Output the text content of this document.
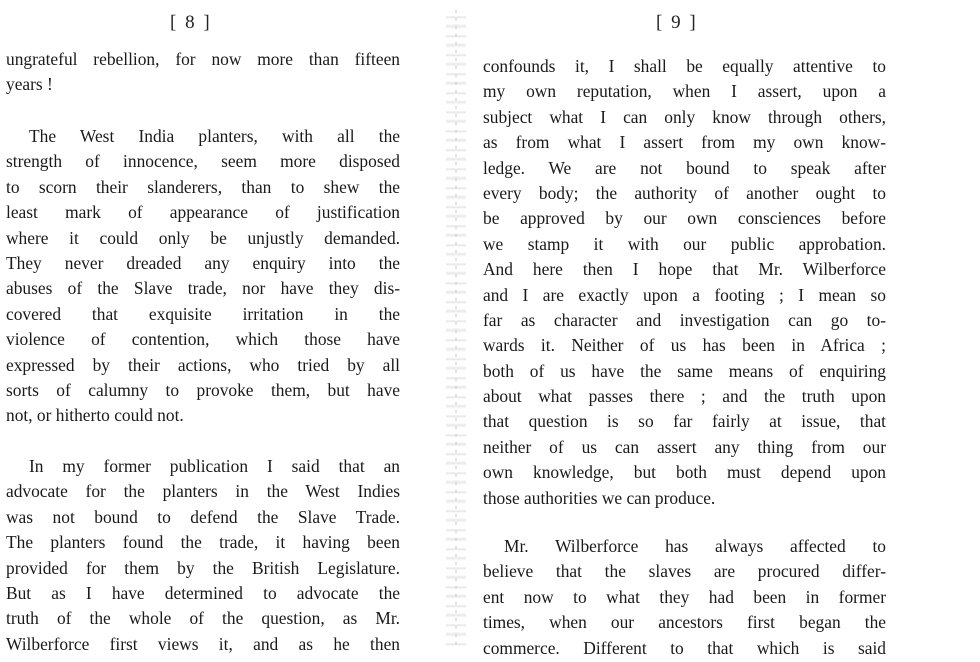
[ 8 ]
ungrateful rebellion, for now more than fifteen
years !
The West India planters, with all the
strength of innocence, seem more disposed
to scorn their slanderers, than to shew the
least mark of appearance of justification
where it could only be unjustly demanded.
They never dreaded any enquiry into the
abuses of the Slave trade, nor have they dis-
covered that exquisite irritation in the
violence of contention, which those have
expressed by their actions, who tried by all
sorts of calumny to provoke them, but have
not, or hitherto could not.
In my former publication I said that an
advocate for the planters in the West Indies
was not bound to defend the Slave Trade.
The planters found the trade, it having been
provided for them by the British Legislature.
But as I have determined to advocate the
truth of the whole of the question, as Mr.
Wilberforce first views it, and as he then
[ 9 ]
confounds it, I shall be equally attentive to
my own reputation, when I assert, upon a
subject what I can only know through others,
as from what I assert from my own know-
ledge. We are not bound to speak after
every body; the authority of another ought to
be approved by our own consciences before
we stamp it with our public approbation.
And here then I hope that Mr. Wilberforce
and I are exactly upon a footing ; I mean so
far as character and investigation can go to-
wards it. Neither of us has been in Africa ;
both of us have the same means of enquiring
about what passes there ; and the truth upon
that question is so far fairly at issue, that
neither of us can assert any thing from our
own knowledge, but both must depend upon
those authorities we can produce.
Mr. Wilberforce has always affected to
believe that the slaves are procured differ-
ent now to what they had been in former
times, when our ancestors first began the
commerce. Different to that which is said
